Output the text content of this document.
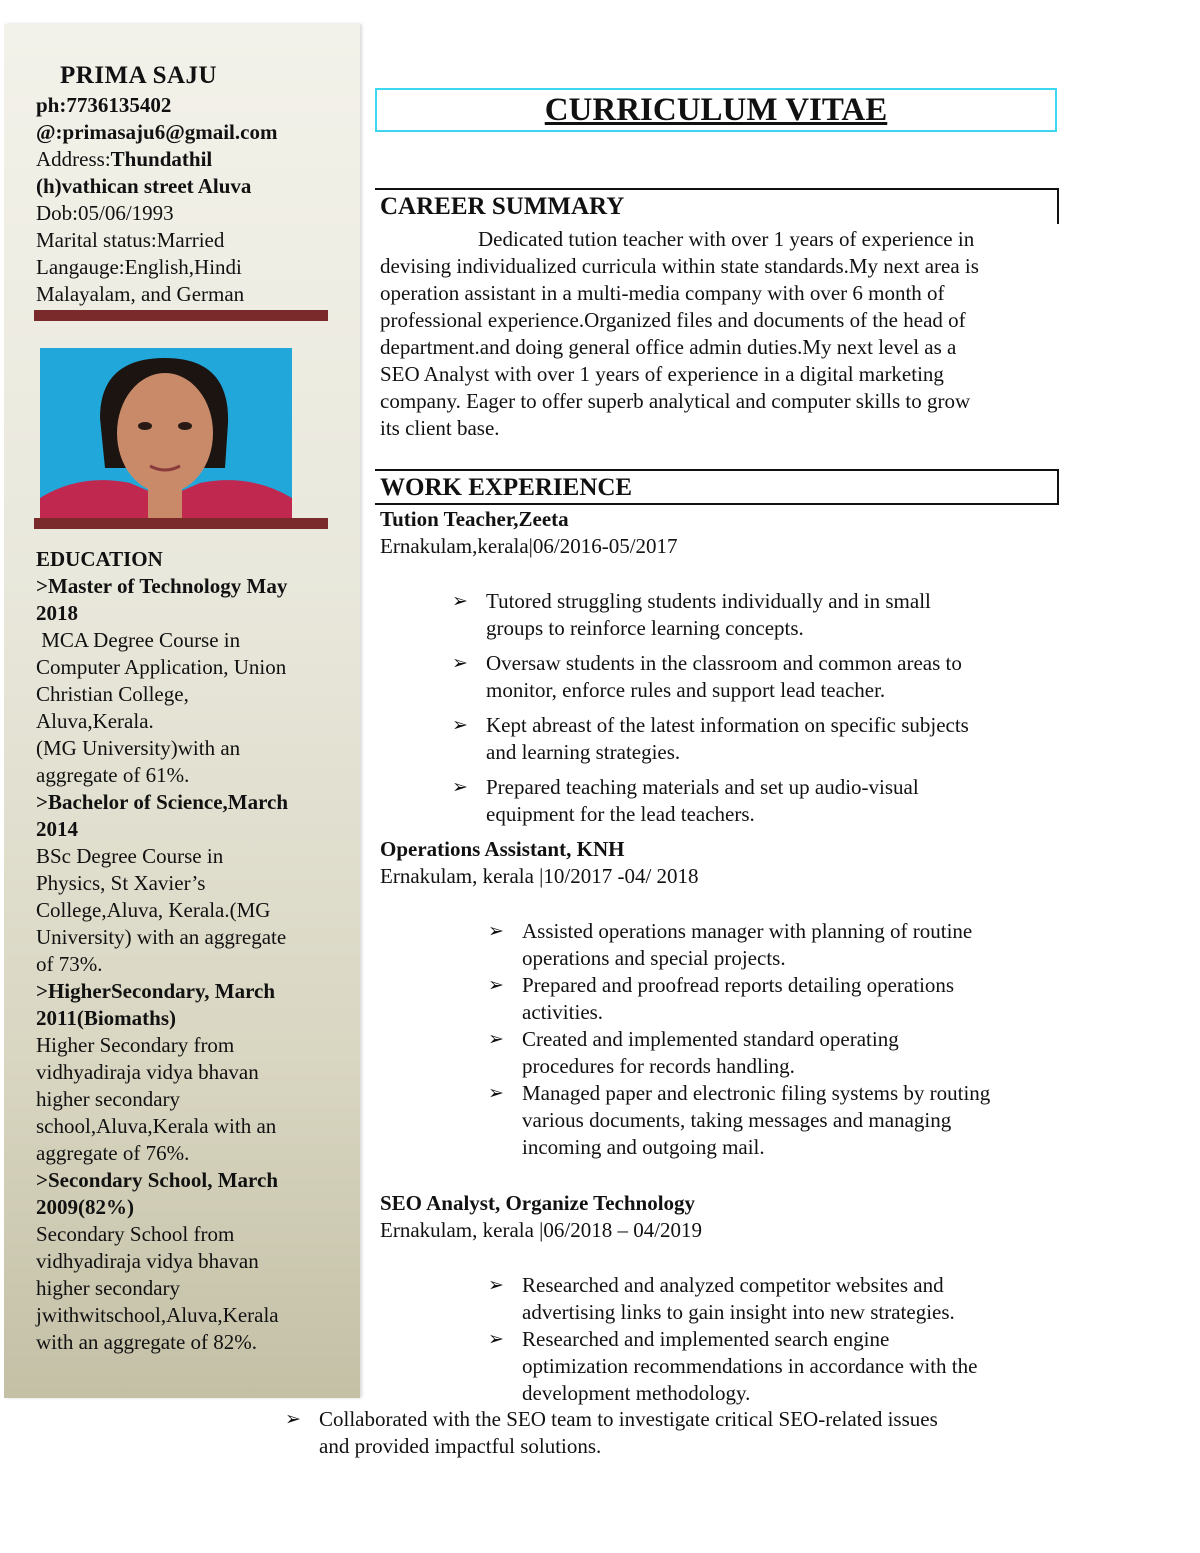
PRIMA SAJU
ph:7736135402
@:primasaju6@gmail.com
Address:Thundathil
(h)vathican street Aluva
Dob:05/06/1993
Marital status:Married
Langauge:English,Hindi
Malayalam, and German
EDUCATION
>Master of Technology May
2018
MCA Degree Course in
Computer Application, Union
Christian College,
Aluva,Kerala.
(MG University)with an
aggregate of 61%.
>Bachelor of Science,March
2014
BSc Degree Course in
Physics, St Xavier’s
College,Aluva, Kerala.(MG
University) with an aggregate
of 73%.
>HigherSecondary, March
2011(Biomaths)
Higher Secondary from
vidhyadiraja vidya bhavan
higher secondary
school,Aluva,Kerala with an
aggregate of 76%.
>Secondary School, March
2009(82%)
Secondary School from
vidhyadiraja vidya bhavan
higher secondary
jwithwitschool,Aluva,Kerala
with an aggregate of 82%.
CURRICULUM VITAE
CAREER SUMMARY
Dedicated tution teacher with over 1 years of experience in
devising individualized curricula within state standards.My next area is
operation assistant in a multi-media company with over 6 month of
professional experience.Organized files and documents of the head of
department.and doing general office admin duties.My next level as a
SEO Analyst with over 1 years of experience in a digital marketing
company. Eager to offer superb analytical and computer skills to grow
its client base.
WORK EXPERIENCE
Tution Teacher,Zeeta
Ernakulam,kerala|06/2016-05/2017
➢ Tutored struggling students individually and in small
groups to reinforce learning concepts.
➢ Oversaw students in the classroom and common areas to
monitor, enforce rules and support lead teacher.
➢ Kept abreast of the latest information on specific subjects
and learning strategies.
➢ Prepared teaching materials and set up audio-visual
equipment for the lead teachers.
Operations Assistant, KNH
Ernakulam, kerala |10/2017 -04/ 2018
➢ Assisted operations manager with planning of routine
operations and special projects.
➢ Prepared and proofread reports detailing operations
activities.
➢ Created and implemented standard operating
procedures for records handling.
➢ Managed paper and electronic filing systems by routing
various documents, taking messages and managing
incoming and outgoing mail.
SEO Analyst, Organize Technology
Ernakulam, kerala |06/2018 – 04/2019
➢ Researched and analyzed competitor websites and
advertising links to gain insight into new strategies.
➢ Researched and implemented search engine
optimization recommendations in accordance with the
development methodology.
➢ Collaborated with the SEO team to investigate critical SEO-related issues
and provided impactful solutions.
